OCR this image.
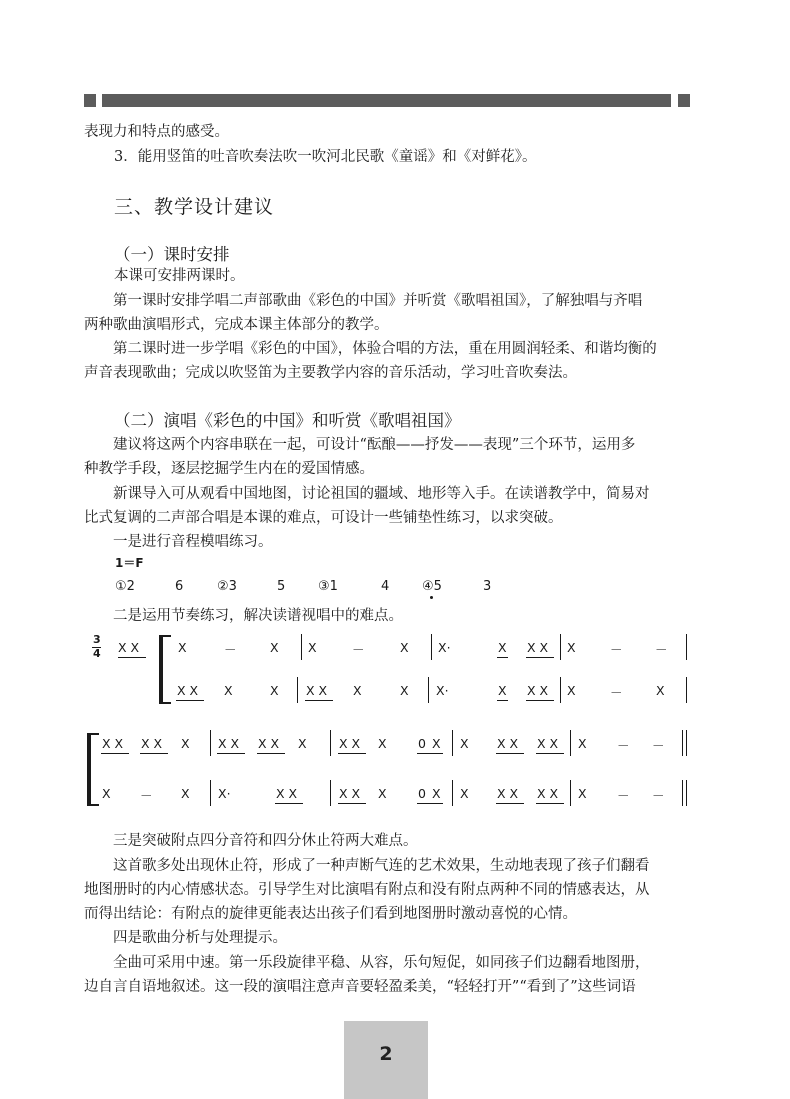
表现力和特点的感受。
3．能用竖笛的吐音吹奏法吹一吹河北民歌《童谣》和《对鲜花》。
三、教学设计建议
（一）课时安排
本课可安排两课时。
　　第一课时安排学唱二声部歌曲《彩色的中国》并听赏《歌唱祖国》，了解独唱与齐唱
两种歌曲演唱形式，完成本课主体部分的教学。
　　第二课时进一步学唱《彩色的中国》，体验合唱的方法，重在用圆润轻柔、和谐均衡的
声音表现歌曲；完成以吹竖笛为主要教学内容的音乐活动，学习吐音吹奏法。
（二）演唱《彩色的中国》和听赏《歌唱祖国》
　　建议将这两个内容串联在一起，可设计“酝酿——抒发——表现”三个环节，运用多
种教学手段，逐层挖掘学生内在的爱国情感。
　　新课导入可从观看中国地图，讨论祖国的疆域、地形等入手。在读谱教学中，简易对
比式复调的二声部合唱是本课的难点，可设计一些铺垫性练习，以求突破。
　　一是进行音程模唱练习。
1＝F
①2	6	②3	5	③1	4	④5	3
　　二是运用节奏练习，解决读谱视唱中的难点。
3
4 X X	X	－	X X	－	X X·	X X X X	－	－
X X X	X X X X	X X·	X X X X	－	X
X X X X X X X X X X	X X X	0 X X X X X X X － －
X － X X·	X X	X X X	0 X X X X X X X － －
　　三是突破附点四分音符和四分休止符两大难点。
　　这首歌多处出现休止符，形成了一种声断气连的艺术效果，生动地表现了孩子们翻看
地图册时的内心情感状态。引导学生对比演唱有附点和没有附点两种不同的情感表达，从
而得出结论：有附点的旋律更能表达出孩子们看到地图册时激动喜悦的心情。
　　四是歌曲分析与处理提示。
　　全曲可采用中速。第一乐段旋律平稳、从容，乐句短促，如同孩子们边翻看地图册，
边自言自语地叙述。这一段的演唱注意声音要轻盈柔美，“轻轻打开”“看到了”这些词语
2
